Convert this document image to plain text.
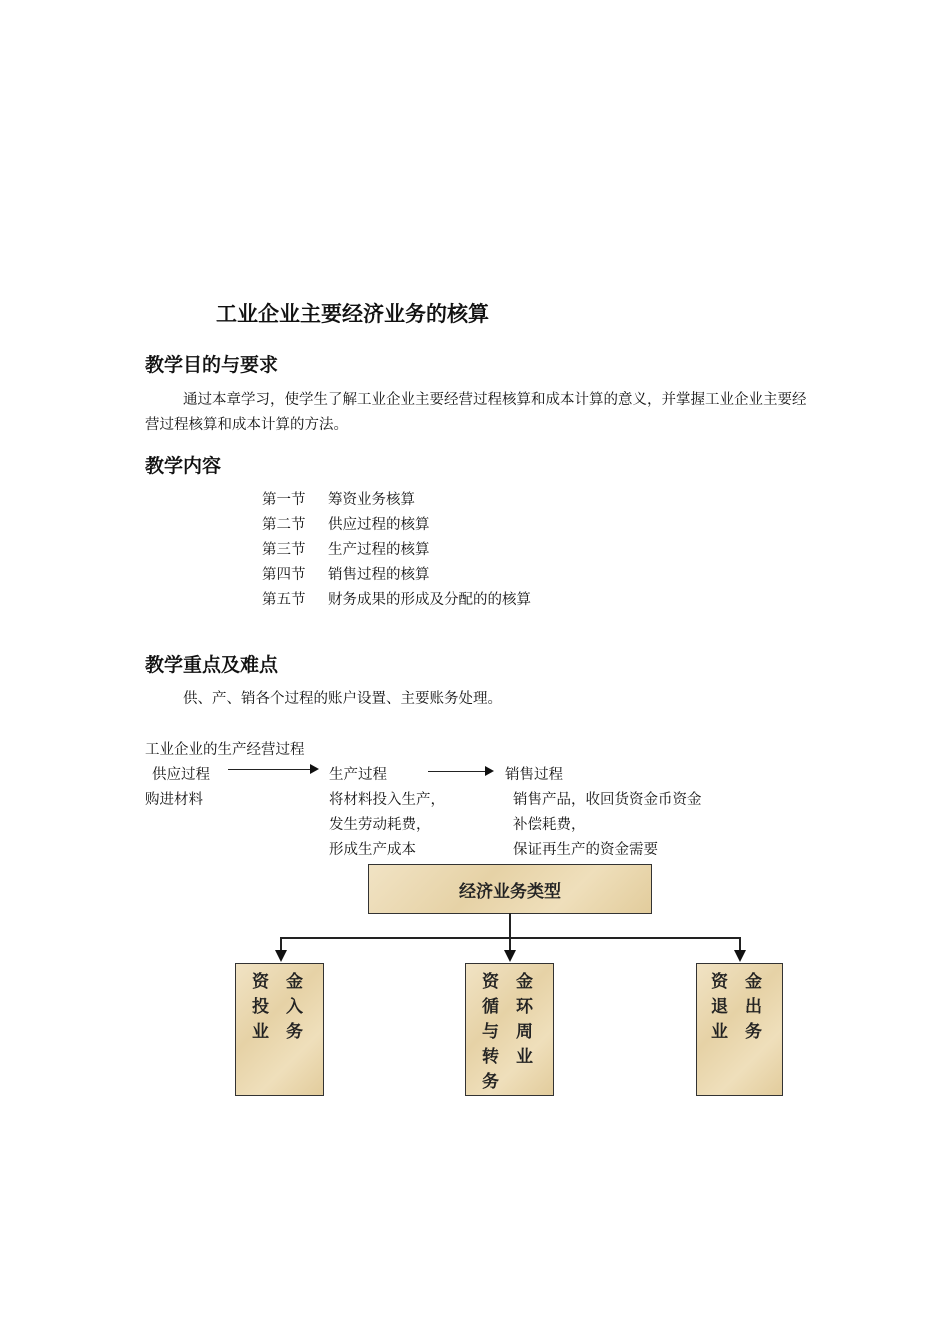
工业企业主要经济业务的核算
教学目的与要求
通过本章学习，使学生了解工业企业主要经营过程核算和成本计算的意义，并掌握工业企业主要经营过程核算和成本计算的方法。
教学内容
第一节 筹资业务核算
第二节 供应过程的核算
第三节 生产过程的核算
第四节 销售过程的核算
第五节 财务成果的形成及分配的的核算
教学重点及难点
供、产、销各个过程的账户设置、主要账务处理。
工业企业的生产经营过程
供应过程	生产过程	销售过程
购进材料	将材料投入生产，
发生劳动耗费，
形成生产成本
销售产品，收回货资金币资金
补偿耗费，
保证再生产的资金需要
经济业务类型
资
投
业
金
入
务
资
循
与
转
务
金
环
周
业
资
退
业
金
出
务
